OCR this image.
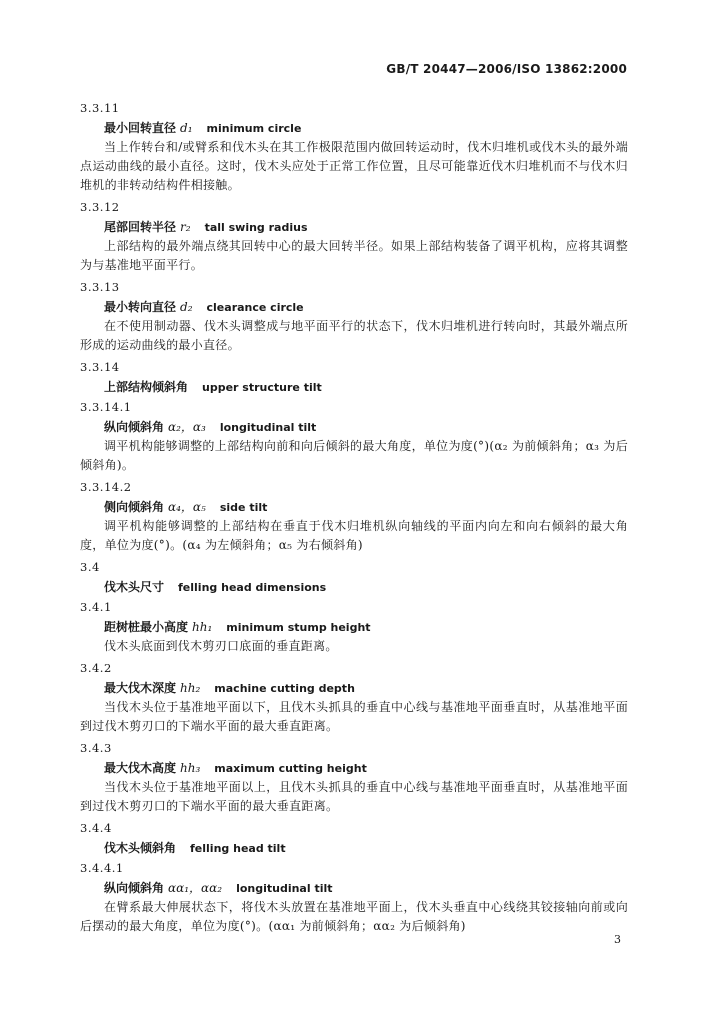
GB/T 20447—2006/ISO 13862:2000
3.3.11
最小回转直径 d₁ minimum circle
当上作转台和/或臂系和伐木头在其工作极限范围内做回转运动时，伐木归堆机或伐木头的最外端点运动曲线的最小直径。这时，伐木头应处于正常工作位置，且尽可能靠近伐木归堆机而不与伐木归堆机的非转动结构件相接触。
3.3.12
尾部回转半径 r₂ tall swing radius
上部结构的最外端点绕其回转中心的最大回转半径。如果上部结构装备了调平机构，应将其调整为与基准地平面平行。
3.3.13
最小转向直径 d₂ clearance circle
在不使用制动器、伐木头调整成与地平面平行的状态下，伐木归堆机进行转向时，其最外端点所形成的运动曲线的最小直径。
3.3.14
上部结构倾斜角 upper structure tilt
3.3.14.1
纵向倾斜角 α₂，α₃ longitudinal tilt
调平机构能够调整的上部结构向前和向后倾斜的最大角度，单位为度(°)(α₂ 为前倾斜角；α₃ 为后倾斜角)。
3.3.14.2
侧向倾斜角 α₄，α₅ side tilt
调平机构能够调整的上部结构在垂直于伐木归堆机纵向轴线的平面内向左和向右倾斜的最大角度，单位为度(°)。(α₄ 为左倾斜角；α₅ 为右倾斜角)
3.4
伐木头尺寸 felling head dimensions
3.4.1
距树桩最小高度 hh₁ minimum stump height
伐木头底面到伐木剪刃口底面的垂直距离。
3.4.2
最大伐木深度 hh₂ machine cutting depth
当伐木头位于基准地平面以下，且伐木头抓具的垂直中心线与基准地平面垂直时，从基准地平面到过伐木剪刃口的下端水平面的最大垂直距离。
3.4.3
最大伐木高度 hh₃ maximum cutting height
当伐木头位于基准地平面以上，且伐木头抓具的垂直中心线与基准地平面垂直时，从基准地平面到过伐木剪刃口的下端水平面的最大垂直距离。
3.4.4
伐木头倾斜角 felling head tilt
3.4.4.1
纵向倾斜角 αα₁，αα₂ longitudinal tilt
在臂系最大伸展状态下，将伐木头放置在基准地平面上，伐木头垂直中心线绕其铰接轴向前或向后摆动的最大角度，单位为度(°)。(αα₁ 为前倾斜角；αα₂ 为后倾斜角)
3
